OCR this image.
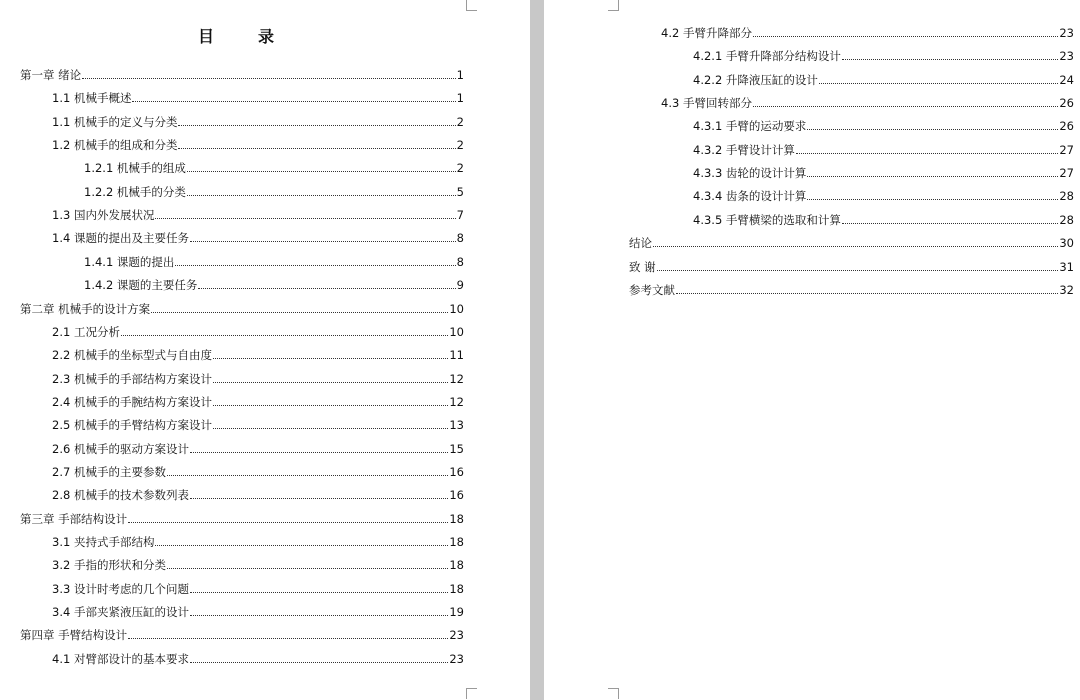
目　录
第一章 绪论	1
1.1 机械手概述	1
1.1 机械手的定义与分类	2
1.2 机械手的组成和分类	2
1.2.1 机械手的组成	2
1.2.2 机械手的分类	5
1.3 国内外发展状况	7
1.4 课题的提出及主要任务	8
1.4.1 课题的提出	8
1.4.2 课题的主要任务	9
第二章 机械手的设计方案	10
2.1 工况分析	10
2.2 机械手的坐标型式与自由度	11
2.3 机械手的手部结构方案设计	12
2.4 机械手的手腕结构方案设计	12
2.5 机械手的手臂结构方案设计	13
2.6 机械手的驱动方案设计	15
2.7 机械手的主要参数	16
2.8 机械手的技术参数列表	16
第三章 手部结构设计	18
3.1 夹持式手部结构	18
3.2 手指的形状和分类	18
3.3 设计时考虑的几个问题	18
3.4 手部夹紧液压缸的设计	19
第四章 手臂结构设计	23
4.1 对臂部设计的基本要求	23
4.2 手臂升降部分	23
4.2.1 手臂升降部分结构设计	23
4.2.2 升降液压缸的设计	24
4.3 手臂回转部分	26
4.3.1 手臂的运动要求	26
4.3.2 手臂设计计算	27
4.3.3 齿轮的设计计算	27
4.3.4 齿条的设计计算	28
4.3.5 手臂横梁的选取和计算	28
结论	30
致 谢	31
参考文献	32
